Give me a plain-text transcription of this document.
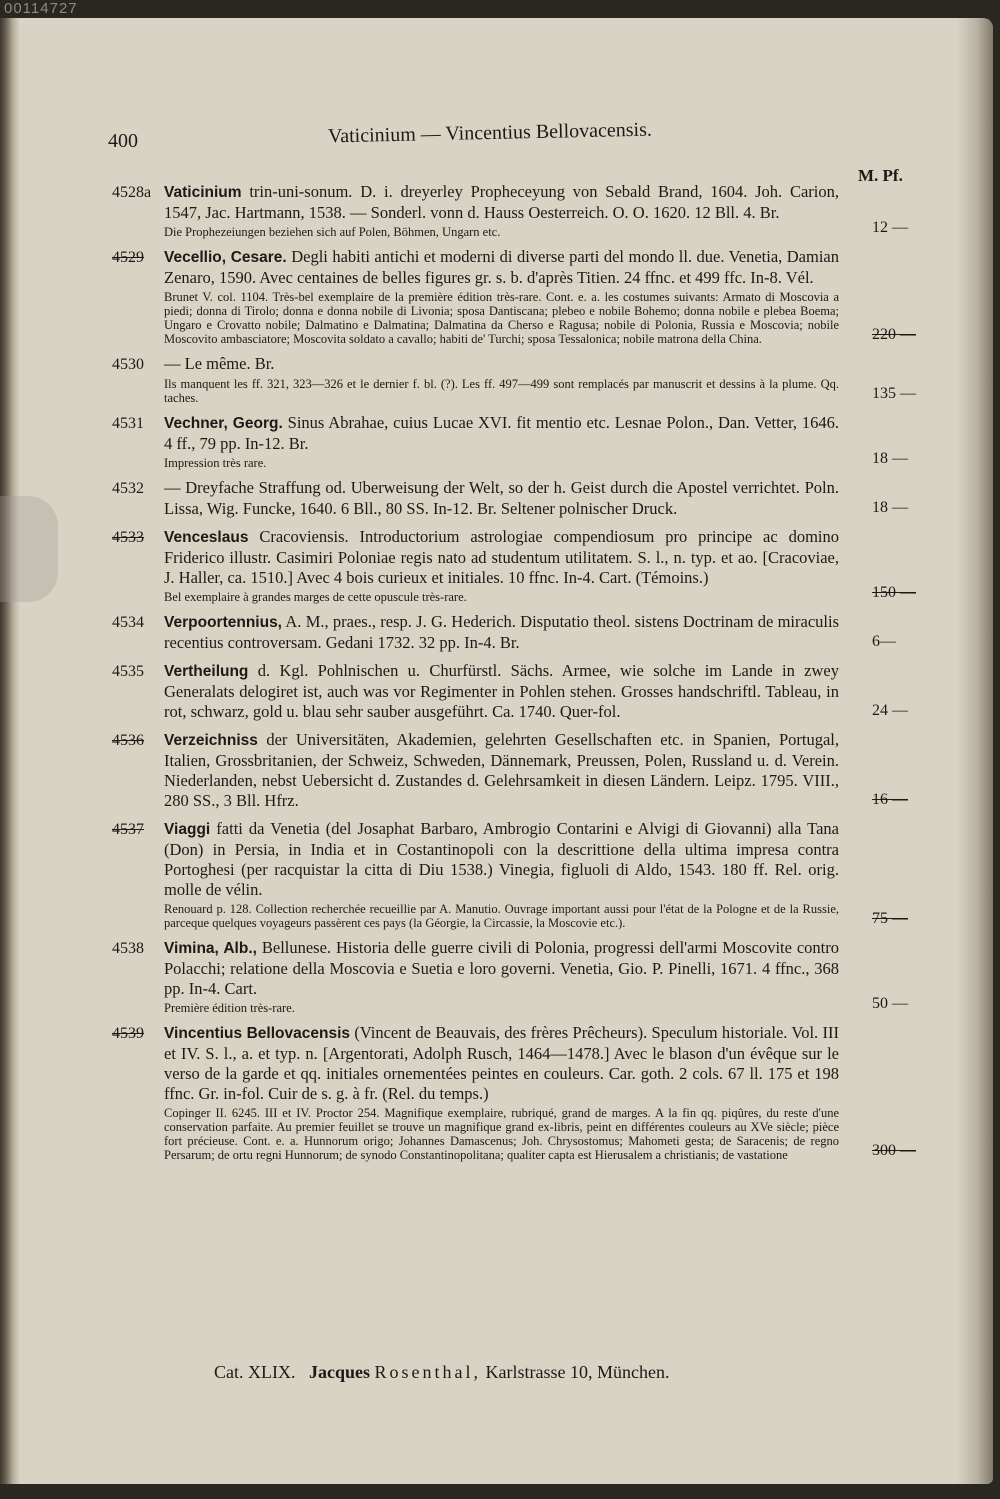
00114727
400	Vaticinium — Vincentius Bellovacensis.
M. Pf.
4528a Vaticinium trin-uni-sonum. D. i. dreyerley Propheceyung von Sebald Brand, 1604. Joh. Carion, 1547, Jac. Hartmann, 1538. — Sonderl. vonn d. Hauss Oesterreich. O. O. 1620. 12 Bll. 4. Br.

Die Prophezeiungen beziehen sich auf Polen, Böhmen, Ungarn etc.	12 —
4529	Vecellio, Cesare. Degli habiti antichi et moderni di diverse parti del mondo ll. due. Venetia, Damian Zenaro, 1590. Avec centaines de belles figures gr. s. b. d'après Titien. 24 ffnc. et 499 ffc. In-8. Vél.

Brunet V. col. 1104. Très-bel exemplaire de la première édition très-rare. Cont. e. a. les costumes suivants: Armato di Moscovia a piedi; donna di Tirolo; donna e donna nobile di Livonia; sposa Dantiscana; plebeo e nobile Bohemo; donna nobile e plebea Boema; Ungaro e Crovatto nobile; Dalmatino e Dalmatina; Dalmatina da Cherso e Ragusa; nobile di Polonia, Russia e Moscovia; nobile Moscovito ambasciatore; Moscovita soldato a cavallo; habiti de' Turchi; sposa Tessalonica; nobile matrona della China.	220 —
4530	— Le même. Br.

Ils manquent les ff. 321, 323—326 et le dernier f. bl. (?). Les ff. 497—499 sont remplacés par manuscrit et dessins à la plume. Qq. taches.	135 —
4531	Vechner, Georg. Sinus Abrahae, cuius Lucae XVI. fit mentio etc. Lesnae Polon., Dan. Vetter, 1646. 4 ff., 79 pp. In-12. Br.

Impression très rare.	18 —
4532	— Dreyfache Straffung od. Uberweisung der Welt, so der h. Geist durch die Apostel verrichtet. Poln. Lissa, Wig. Funcke, 1640. 6 Bll., 80 SS. In-12. Br. Seltener polnischer Druck.	18 —
4533	Venceslaus Cracoviensis. Introductorium astrologiae compendiosum pro principe ac domino Friderico illustr. Casimiri Poloniae regis nato ad studentum utilitatem. S. l., n. typ. et ao. [Cracoviae, J. Haller, ca. 1510.] Avec 4 bois curieux et initiales. 10 ffnc. In-4. Cart. (Témoins.)

Bel exemplaire à grandes marges de cette opuscule très-rare.	150 —
4534	Verpoortennius, A. M., praes., resp. J. G. Hederich. Disputatio theol. sistens Doctrinam de miraculis recentius controversam. Gedani 1732. 32 pp. In-4. Br.	6—
4535	Vertheilung d. Kgl. Pohlnischen u. Churfürstl. Sächs. Armee, wie solche im Lande in zwey Generalats delogiret ist, auch was vor Regimenter in Pohlen stehen. Grosses handschriftl. Tableau, in rot, schwarz, gold u. blau sehr sauber ausgeführt. Ca. 1740. Quer-fol.	24 —
4536	Verzeichniss der Universitäten, Akademien, gelehrten Gesellschaften etc. in Spanien, Portugal, Italien, Grossbritanien, der Schweiz, Schweden, Dännemark, Preussen, Polen, Russland u. d. Verein. Niederlanden, nebst Uebersicht d. Zustandes d. Gelehrsamkeit in diesen Ländern. Leipz. 1795. VIII., 280 SS., 3 Bll. Hfrz.	16 —
4537	Viaggi fatti da Venetia (del Josaphat Barbaro, Ambrogio Contarini e Alvigi di Giovanni) alla Tana (Don) in Persia, in India et in Costantinopoli con la descrittione della ultima impresa contra Portoghesi (per racquistar la citta di Diu 1538.) Vinegia, figluoli di Aldo, 1543. 180 ff. Rel. orig. molle de vélin.

Renouard p. 128. Collection recherchée recueillie par A. Manutio. Ouvrage important aussi pour l'état de la Pologne et de la Russie, parceque quelques voyageurs passèrent ces pays (la Géorgie, la Circassie, la Moscovie etc.).	75 —
4538	Vimina, Alb., Bellunese. Historia delle guerre civili di Polonia, progressi dell'armi Moscovite contro Polacchi; relatione della Moscovia e Suetia e loro governi. Venetia, Gio. P. Pinelli, 1671. 4 ffnc., 368 pp. In-4. Cart.

Première édition très-rare.	50 —
4539	Vincentius Bellovacensis (Vincent de Beauvais, des frères Prêcheurs). Speculum historiale. Vol. III et IV. S. l., a. et typ. n. [Argentorati, Adolph Rusch, 1464—1478.] Avec le blason d'un évêque sur le verso de la garde et qq. initiales ornementées peintes en couleurs. Car. goth. 2 cols. 67 ll. 175 et 198 ffnc. Gr. in-fol. Cuir de s. g. à fr. (Rel. du temps.)

Copinger II. 6245. III et IV. Proctor 254. Magnifique exemplaire, rubriqué, grand de marges. A la fin qq. piqûres, du reste d'une conservation parfaite. Au premier feuillet se trouve un magnifique grand ex-libris, peint en différentes couleurs au XVe siècle; pièce fort précieuse. Cont. e. a. Hunnorum origo; Johannes Damascenus; Joh. Chrysostomus; Mahometi gesta; de Saracenis; de regno Persarum; de ortu regni Hunnorum; de synodo Constantinopolitana; qualiter capta est Hierusalem a christianis; de vastatione	300 —
Cat. XLIX. Jacques Rosenthal, Karlstrasse 10, München.
